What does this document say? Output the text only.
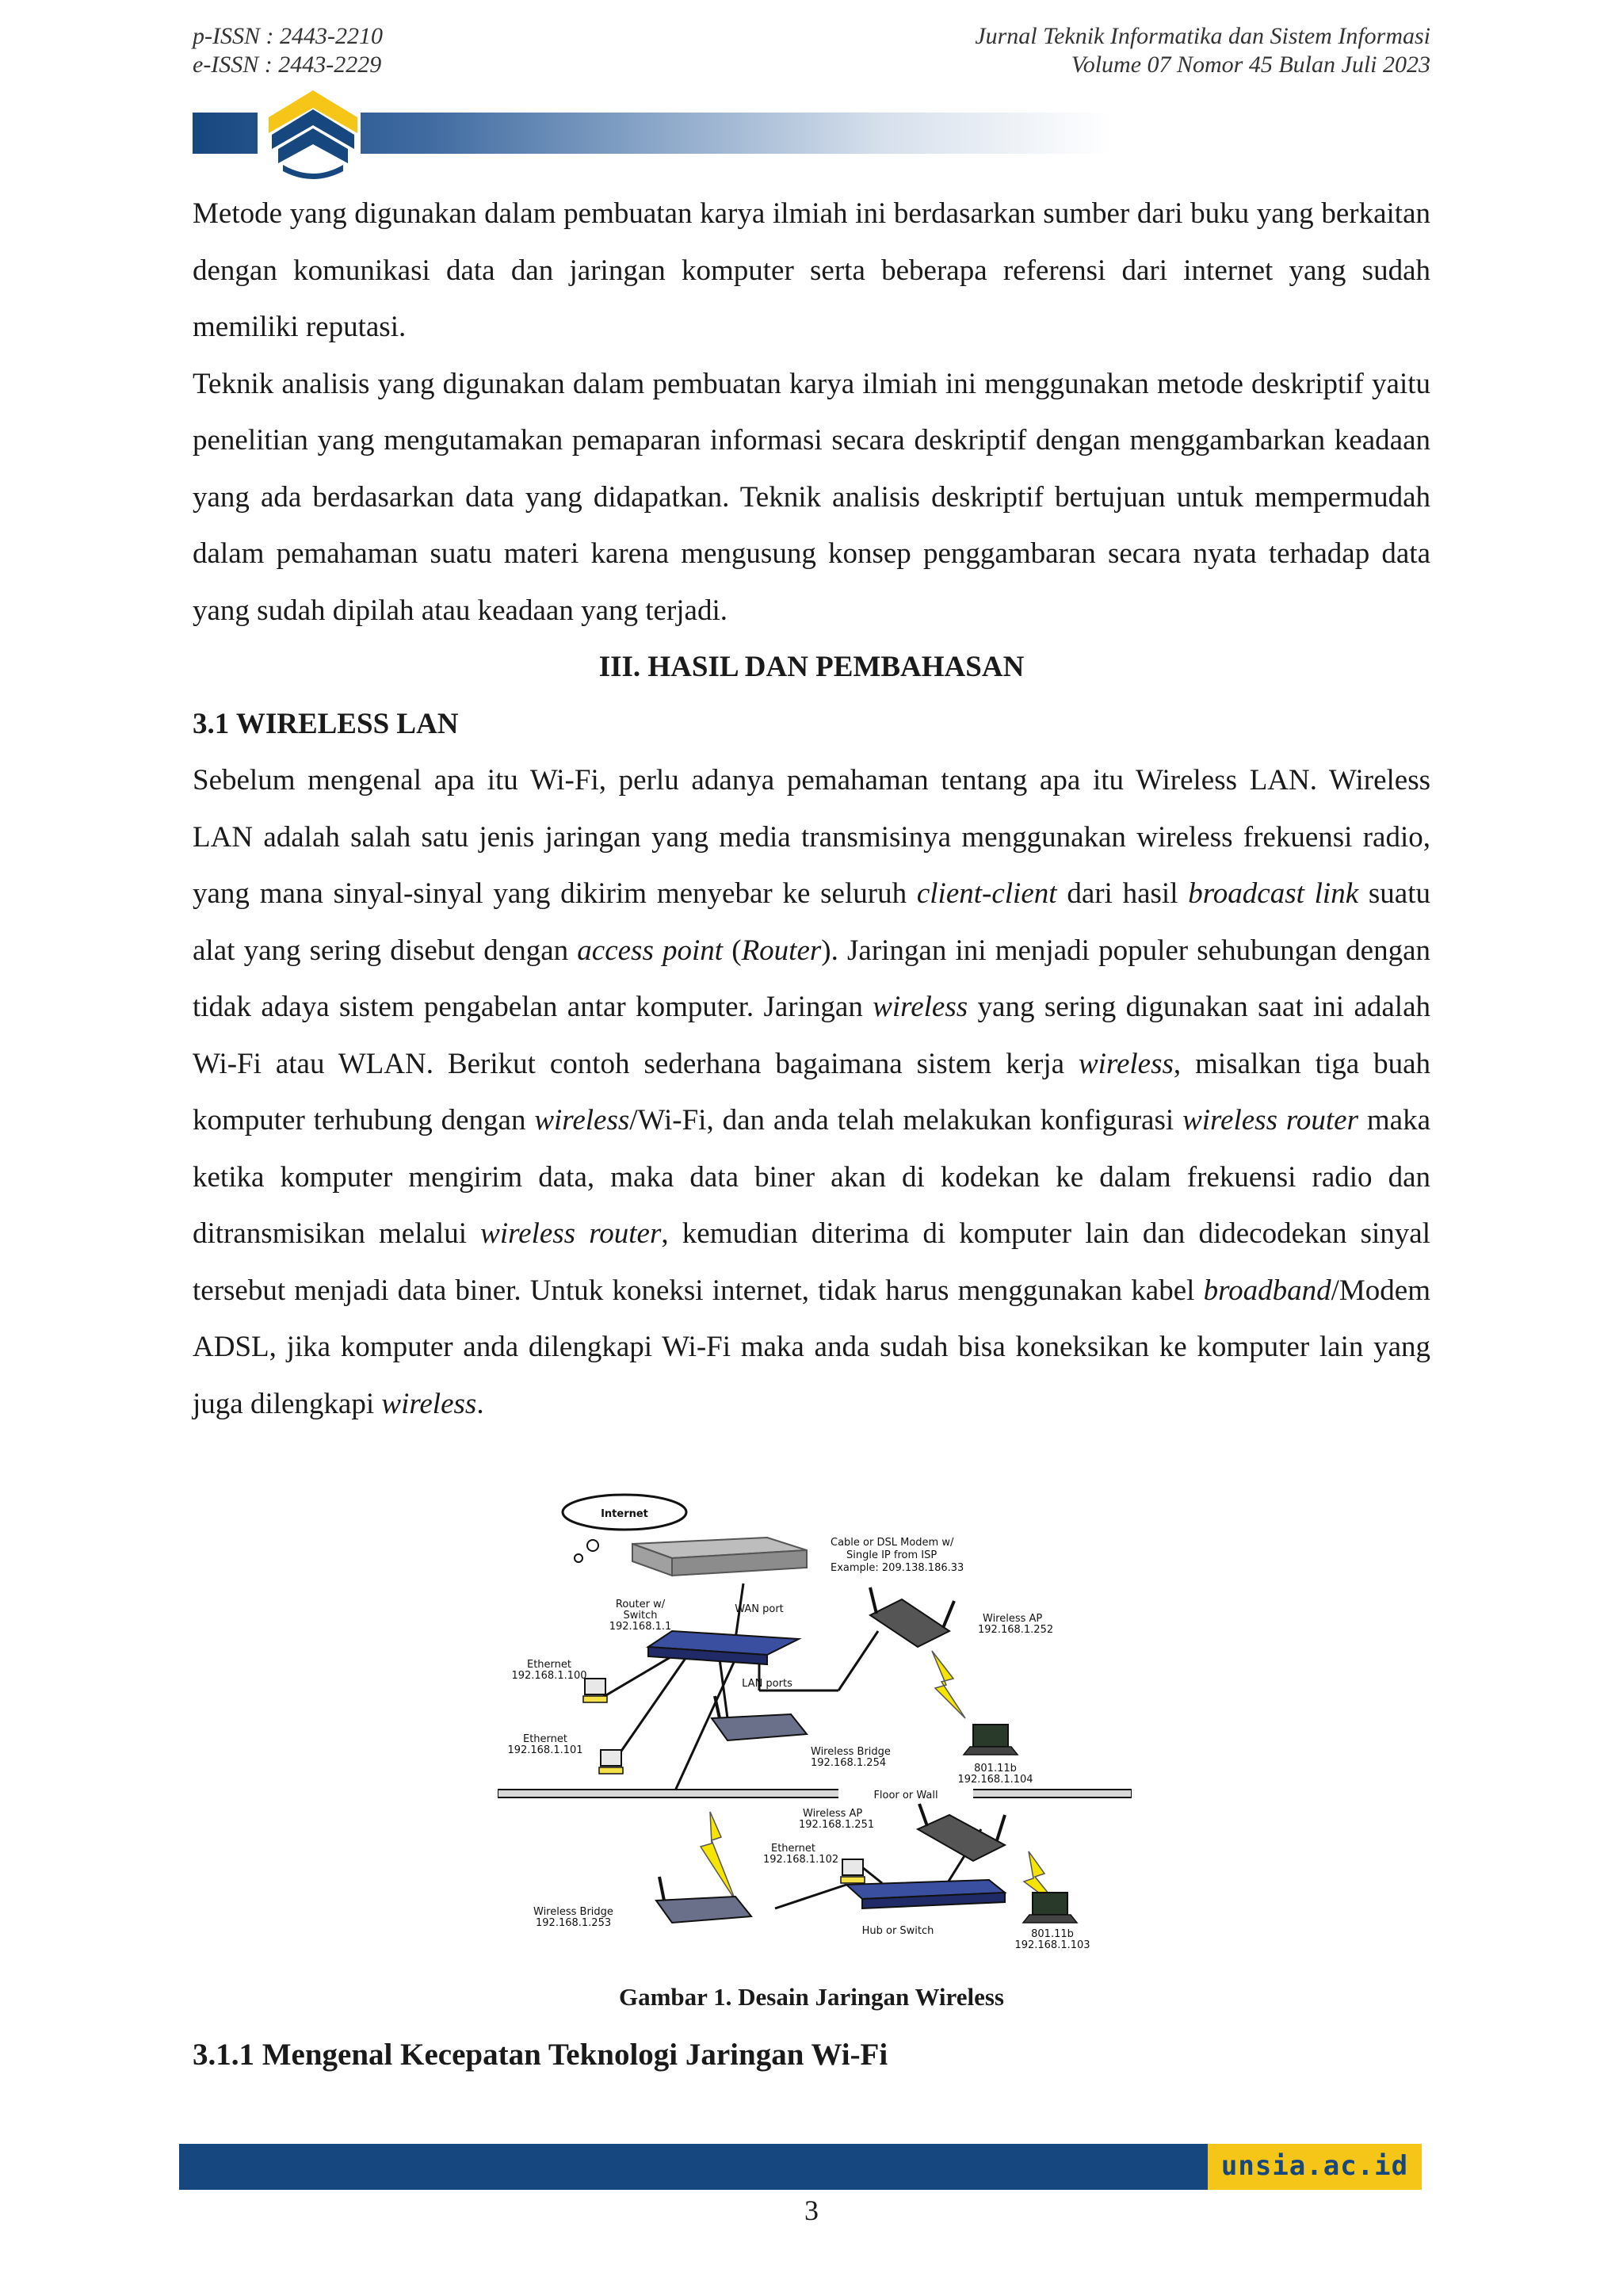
p-ISSN : 2443-2210
e-ISSN : 2443-2229
Jurnal Teknik Informatika dan Sistem Informasi
Volume 07 Nomor 45 Bulan Juli 2023

Metode yang digunakan dalam pembuatan karya ilmiah ini berdasarkan sumber dari buku yang berkaitan dengan komunikasi data dan jaringan komputer serta beberapa referensi dari internet yang sudah memiliki reputasi.

Teknik analisis yang digunakan dalam pembuatan karya ilmiah ini menggunakan metode deskriptif yaitu penelitian yang mengutamakan pemaparan informasi secara deskriptif dengan menggambarkan keadaan yang ada berdasarkan data yang didapatkan. Teknik analisis deskriptif bertujuan untuk mempermudah dalam pemahaman suatu materi karena mengusung konsep penggambaran secara nyata terhadap data yang sudah dipilah atau keadaan yang terjadi.

III. HASIL DAN PEMBAHASAN

3.1 WIRELESS LAN

Sebelum mengenal apa itu Wi-Fi, perlu adanya pemahaman tentang apa itu Wireless LAN. Wireless LAN adalah salah satu jenis jaringan yang media transmisinya menggunakan wireless frekuensi radio, yang mana sinyal-sinyal yang dikirim menyebar ke seluruh client-client dari hasil broadcast link suatu alat yang sering disebut dengan access point (Router). Jaringan ini menjadi populer sehubungan dengan tidak adaya sistem pengabelan antar komputer. Jaringan wireless yang sering digunakan saat ini adalah Wi-Fi atau WLAN. Berikut contoh sederhana bagaimana sistem kerja wireless, misalkan tiga buah komputer terhubung dengan wireless/Wi-Fi, dan anda telah melakukan konfigurasi wireless router maka ketika komputer mengirim data, maka data biner akan di kodekan ke dalam frekuensi radio dan ditransmisikan melalui wireless router, kemudian diterima di komputer lain dan didecodekan sinyal tersebut menjadi data biner. Untuk koneksi internet, tidak harus menggunakan kabel broadband/Modem ADSL, jika komputer anda dilengkapi Wi-Fi maka anda sudah bisa koneksikan ke komputer lain yang juga dilengkapi wireless.

Internet
Cable or DSL Modem w/
Single IP from ISP
Example: 209.138.186.33
Router w/
Switch
192.168.1.1
WAN port
LAN ports
Wireless AP
192.168.1.252
Ethernet
192.168.1.100
Ethernet
192.168.1.101	Wireless Bridge
192.168.1.254	801.11b
192.168.1.104
Floor or Wall
Wireless AP
192.168.1.251
Ethernet
192.168.1.102
Hub or Switch
Wireless Bridge
192.168.1.253
801.11b
192.168.1.103
Gambar 1. Desain Jaringan Wireless
3.1.1 Mengenal Kecepatan Teknologi Jaringan Wi-Fi
unsia.ac.id
3
